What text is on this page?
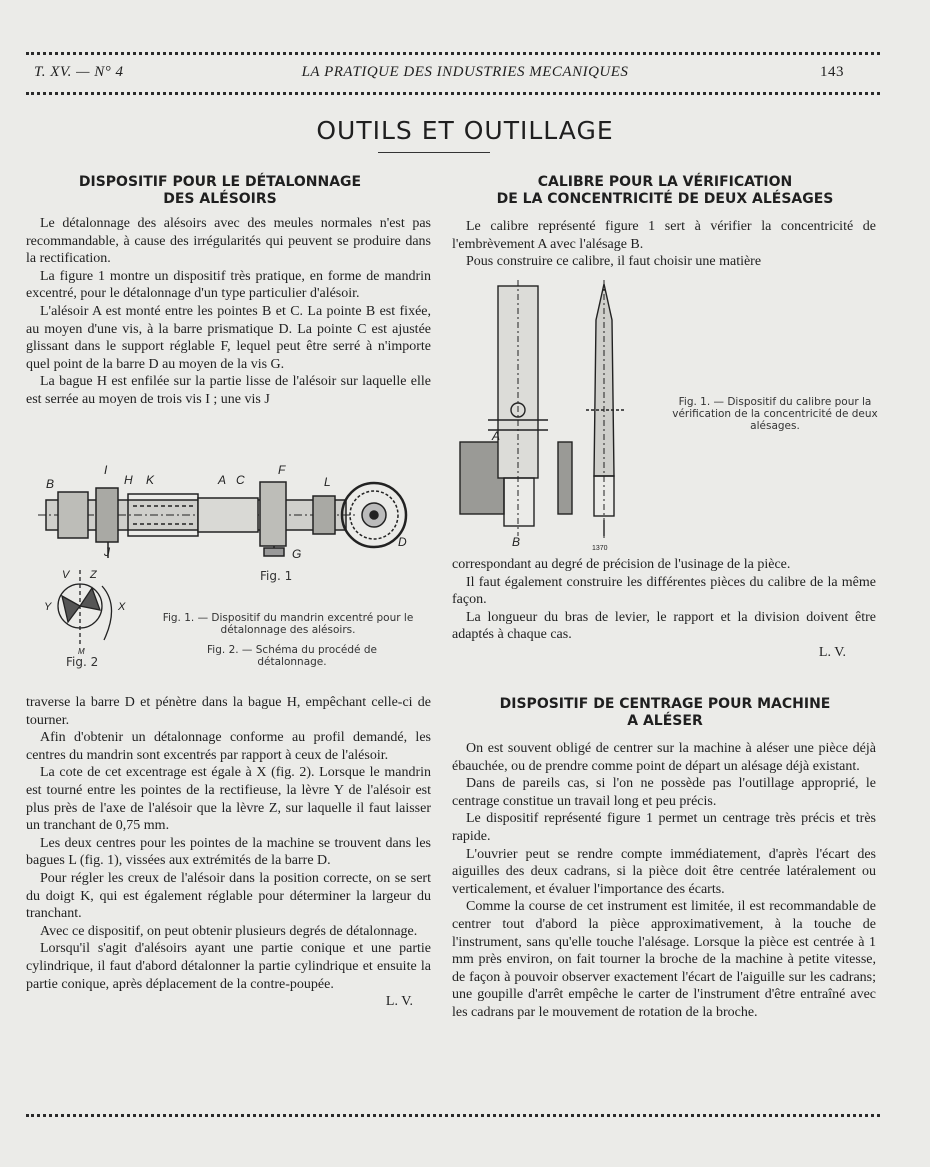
T. XV. — N° 4	LA PRATIQUE DES INDUSTRIES MECANIQUES	143
OUTILS ET OUTILLAGE
DISPOSITIF POUR LE DÉTALONNAGE
DES ALÉSOIRS

Le détalonnage des alésoirs avec des meules normales n'est pas recommandable, à cause des irrégularités qui peuvent se produire dans la rectification.

La figure 1 montre un dispositif très pratique, en forme de mandrin excentré, pour le détalonnage d'un type particulier d'alésoir.

L'alésoir A est monté entre les pointes B et C. La pointe B est fixée, au moyen d'une vis, à la barre prismatique D. La pointe C est ajustée glissant dans le support réglable F, lequel peut être serré à n'importe quel point de la barre D au moyen de la vis G.

La bague H est enfilée sur la partie lisse de l'alésoir sur laquelle elle est serrée au moyen de trois vis I ; une vis J

B
I
H K	A C
F
L
J	G
D
Fig. 1
V Z
Y	X
M
Fig. 2
Fig. 1. — Dispositif du mandrin excentré pour le détalonnage des alésoirs.
Fig. 2. — Schéma du procédé de détalonnage.

traverse la barre D et pénètre dans la bague H, empêchant celle-ci de tourner.

Afin d'obtenir un détalonnage conforme au profil demandé, les centres du mandrin sont excentrés par rapport à ceux de l'alésoir.

La cote de cet excentrage est égale à X (fig. 2). Lorsque le mandrin est tourné entre les pointes de la rectifieuse, la lèvre Y de l'alésoir est plus près de l'axe de l'alésoir que la lèvre Z, sur laquelle il faut laisser un tranchant de 0,75 mm.

Les deux centres pour les pointes de la machine se trouvent dans les bagues L (fig. 1), vissées aux extrémités de la barre D.

Pour régler les creux de l'alésoir dans la position correcte, on se sert du doigt K, qui est également réglable pour déterminer la largeur du tranchant.

Avec ce dispositif, on peut obtenir plusieurs degrés de détalonnage.

Lorsqu'il s'agit d'alésoirs ayant une partie conique et une partie cylindrique, il faut d'abord détalonner la partie cylindrique et ensuite la partie conique, après déplacement de la contre-poupée.

L. V.
CALIBRE POUR LA VÉRIFICATION
DE LA CONCENTRICITÉ DE DEUX ALÉSAGES

Le calibre représenté figure 1 sert à vérifier la concentricité de l'embrèvement A avec l'alésage B.

Pous construire ce calibre, il faut choisir une matière

A
B	1370
Fig. 1. — Dispositif du calibre pour la vérification de la concentricité de deux alésages.

correspondant au degré de précision de l'usinage de la pièce.

Il faut également construire les différentes pièces du calibre de la même façon.

La longueur du bras de levier, le rapport et la division doivent être adaptés à chaque cas.

L. V.
DISPOSITIF DE CENTRAGE POUR MACHINE
A ALÉSER

On est souvent obligé de centrer sur la machine à aléser une pièce déjà ébauchée, ou de prendre comme point de départ un alésage déjà existant.

Dans de pareils cas, si l'on ne possède pas l'outillage approprié, le centrage constitue un travail long et peu précis.

Le dispositif représenté figure 1 permet un centrage très précis et très rapide.

L'ouvrier peut se rendre compte immédiatement, d'après l'écart des aiguilles des deux cadrans, si la pièce doit être centrée latéralement ou verticalement, et évaluer l'importance des écarts.

Comme la course de cet instrument est limitée, il est recommandable de centrer tout d'abord la pièce approximativement, à la touche de l'instrument, sans qu'elle touche l'alésage. Lorsque la pièce est centrée à 1 mm près environ, on fait tourner la broche de la machine à petite vitesse, de façon à pouvoir observer exactement l'écart de l'aiguille sur les cadrans; une goupille d'arrêt empêche le carter de l'instrument d'être entraîné avec les cadrans par le mouvement de rotation de la broche.
